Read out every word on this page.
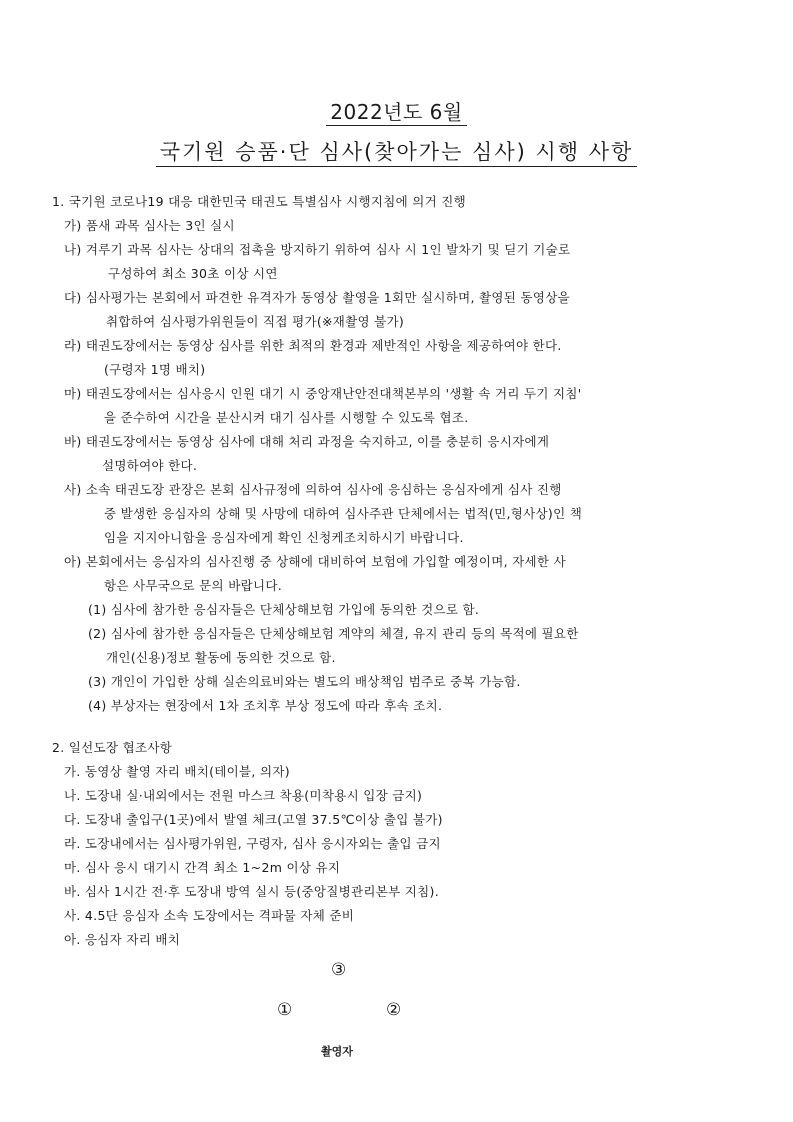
2022년도 6월
국기원 승품·단 심사(찾아가는 심사) 시행 사항
1. 국기원 코로나19 대응 대한민국 태권도 특별심사 시행지침에 의거 진행
가) 품새 과목 심사는 3인 실시
나) 겨루기 과목 심사는 상대의 접촉을 방지하기 위하여 심사 시 1인 발차기 및 딛기 기술로
구성하여 최소 30초 이상 시연
다) 심사평가는 본회에서 파견한 유격자가 동영상 촬영을 1회만 실시하며, 촬영된 동영상을
취합하여 심사평가위원들이 직접 평가(※재촬영 불가)
라) 태권도장에서는 동영상 심사를 위한 최적의 환경과 제반적인 사항을 제공하여야 한다.
(구령자 1명 배치)
마) 태권도장에서는 심사응시 인원 대기 시 중앙재난안전대책본부의 '생활 속 거리 두기 지침'
을 준수하여 시간을 분산시켜 대기 심사를 시행할 수 있도록 협조.
바) 태권도장에서는 동영상 심사에 대해 처리 과정을 숙지하고, 이를 충분히 응시자에게
설명하여야 한다.
사) 소속 태권도장 관장은 본회 심사규정에 의하여 심사에 응심하는 응심자에게 심사 진행
중 발생한 응심자의 상해 및 사망에 대하여 심사주관 단체에서는 법적(민,형사상)인 책
임을 지지아니함을 응심자에게 확인 신청케조치하시기 바랍니다.
아) 본회에서는 응심자의 심사진행 중 상해에 대비하여 보험에 가입할 예정이며, 자세한 사
항은 사무국으로 문의 바랍니다.
(1) 심사에 참가한 응심자들은 단체상해보험 가입에 동의한 것으로 함.
(2) 심사에 참가한 응심자들은 단체상해보험 계약의 체결, 유지 관리 등의 목적에 필요한
개인(신용)정보 활동에 동의한 것으로 함.
(3) 개인이 가입한 상해 실손의료비와는 별도의 배상책임 범주로 중복 가능함.
(4) 부상자는 현장에서 1차 조치후 부상 정도에 따라 후속 조치.
2. 일선도장 협조사항
가. 동영상 촬영 자리 배치(테이블, 의자)
나. 도장내 실·내외에서는 전원 마스크 착용(미착용시 입장 금지)
다. 도장내 출입구(1곳)에서 발열 체크(고열 37.5℃이상 출입 불가)
라. 도장내에서는 심사평가위원, 구령자, 심사 응시자외는 출입 금지
마. 심사 응시 대기시 간격 최소 1~2m 이상 유지
바. 심사 1시간 전·후 도장내 방역 실시 등(중앙질병관리본부 지침).
사. 4.5단 응심자 소속 도장에서는 격파물 자체 준비
아. 응심자 자리 배치
③
①	②
촬영자
